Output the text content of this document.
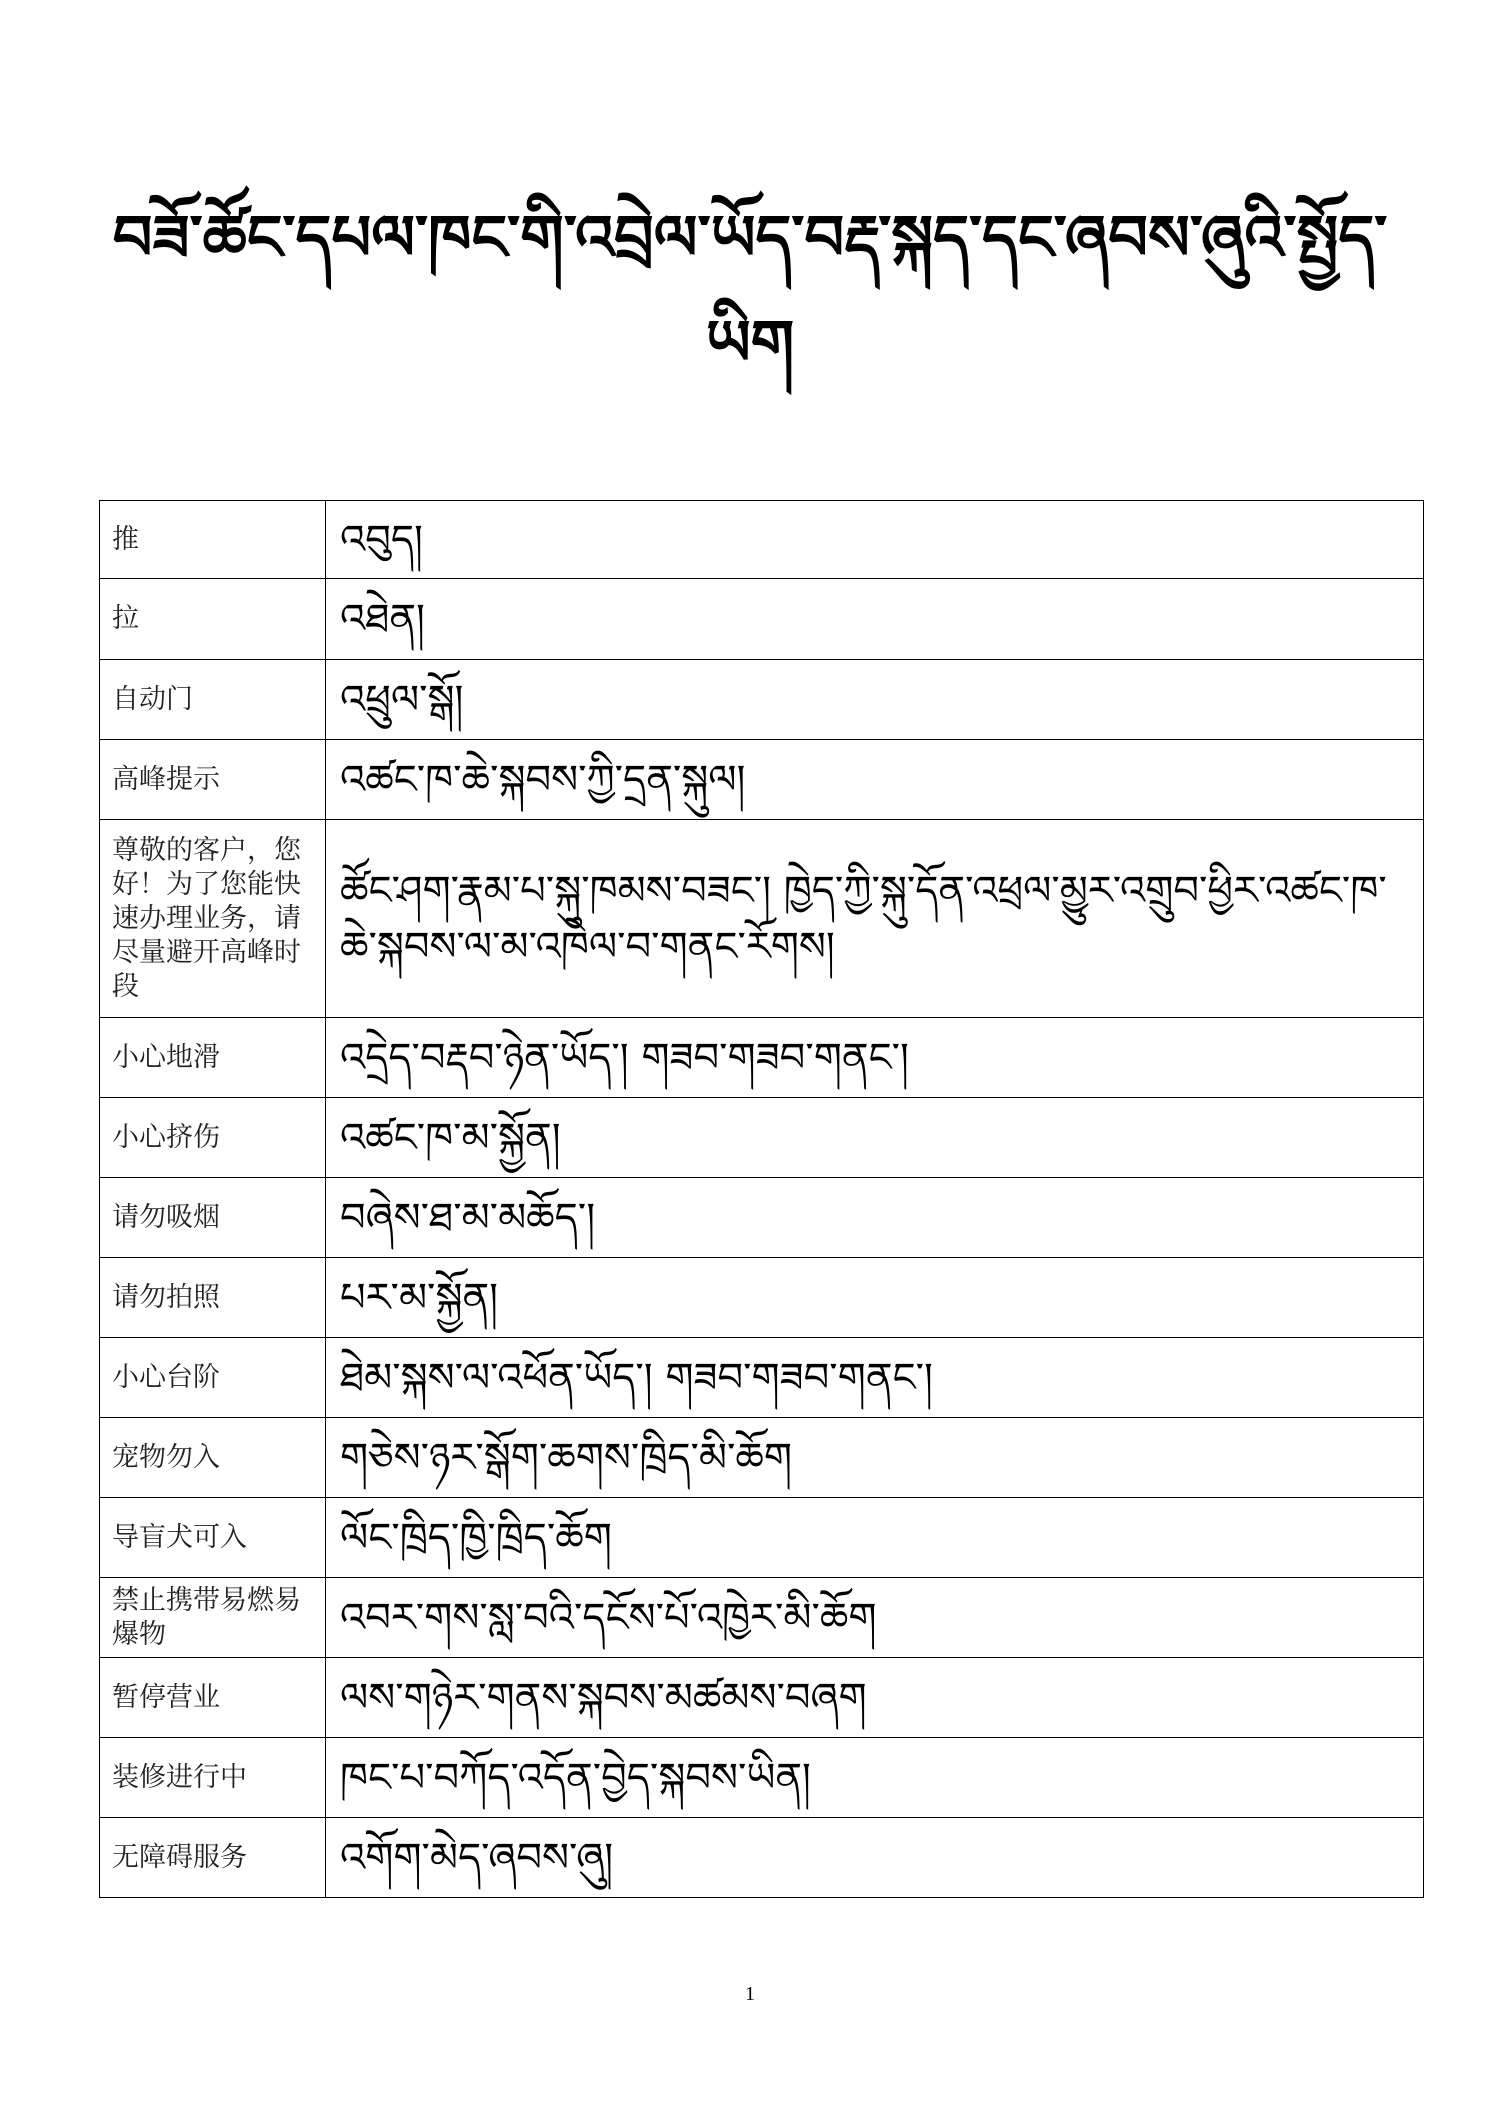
བཟོ་ཚོང་དཔལ་ཁང་གི་འབྲེལ་ཡོད་བརྡ་སྐད་དང་ཞབས་ཞུའི་སྤྱོད་ཡིག
推	འབུད།
拉	འཐེན།
自动门	འཕྲུལ་སྒོ།
高峰提示	འཚང་ཁ་ཆེ་སྐབས་ཀྱི་དྲན་སྐུལ།
尊敬的客户，您好！为了您能快速办理业务，请尽量避开高峰时段	ཚོང་ཤག་རྣམ་པ་སྐུ་ཁམས་བཟང་། ཁྱེད་ཀྱི་སྐུ་དོན་འཕྲལ་མྱུར་འགྲུབ་ཕྱིར་འཚང་ཁ་ཆེ་སྐབས་ལ་མ་འཁེལ་བ་གནང་རོགས།
小心地滑	འདྲེད་བརྡབ་ཉེན་ཡོད་། གཟབ་གཟབ་གནང་།
小心挤伤	འཚང་ཁ་མ་སྐྱོན།
请勿吸烟	བཞེས་ཐ་མ་མཆོད་།
请勿拍照	པར་མ་སྐྱོན།
小心台阶	ཐེམ་སྐས་ལ་འཕོན་ཡོད་། གཟབ་གཟབ་གནང་།
宠物勿入	གཅེས་ཉར་སྒོག་ཆགས་ཁྲིད་མི་ཆོག
导盲犬可入	ལོང་ཁྲིད་ཁྱི་ཁྲིད་ཆོག
禁止携带易燃易爆物	འབར་གས་སླ་བའི་དངོས་པོ་འཁྱེར་མི་ཆོག
暂停营业	ལས་གཉེར་གནས་སྐབས་མཚམས་བཞག
装修进行中	ཁང་པ་བཀོད་འདོན་བྱེད་སྐབས་ཡིན།
无障碍服务	འགོག་མེད་ཞབས་ཞུ།
1
